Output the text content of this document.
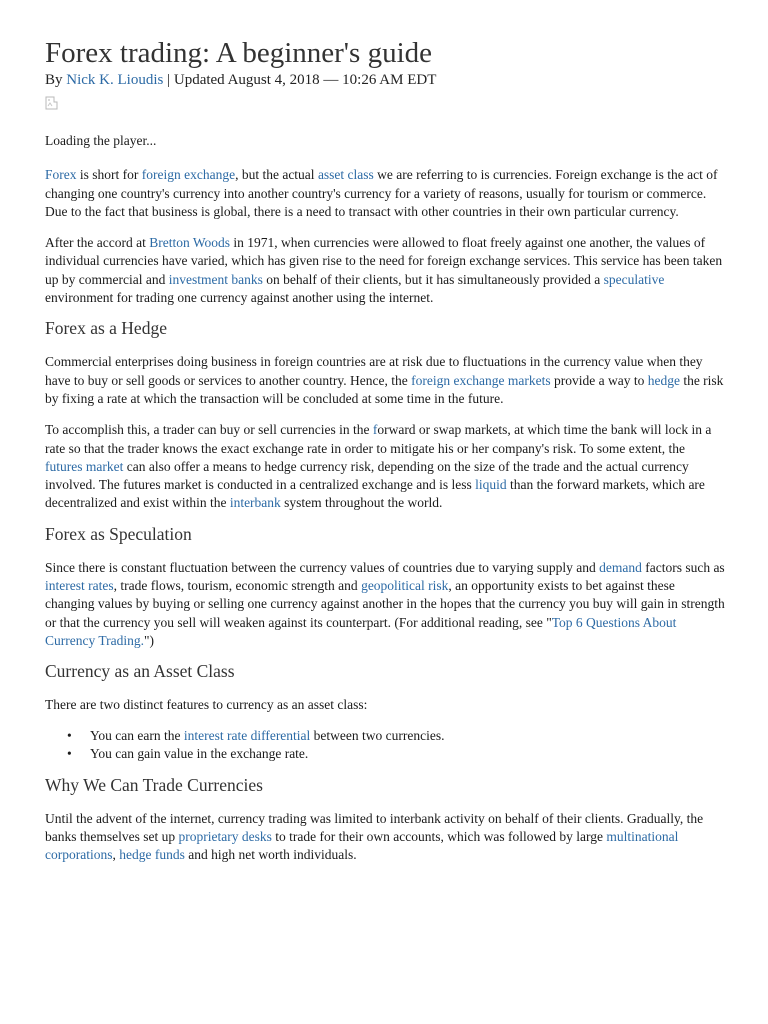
Forex trading: A beginner's guide

By Nick K. Lioudis | Updated August 4, 2018 — 10:26 AM EDT

Loading the player...

Forex is short for foreign exchange, but the actual asset class we are referring to is currencies. Foreign exchange is the act of changing one country's currency into another country's currency for a variety of reasons, usually for tourism or commerce. Due to the fact that business is global, there is a need to transact with other countries in their own particular currency.

After the accord at Bretton Woods in 1971, when currencies were allowed to float freely against one another, the values of individual currencies have varied, which has given rise to the need for foreign exchange services. This service has been taken up by commercial and investment banks on behalf of their clients, but it has simultaneously provided a speculative environment for trading one currency against another using the internet.

Forex as a Hedge

Commercial enterprises doing business in foreign countries are at risk due to fluctuations in the currency value when they have to buy or sell goods or services to another country. Hence, the foreign exchange markets provide a way to hedge the risk by fixing a rate at which the transaction will be concluded at some time in the future.

To accomplish this, a trader can buy or sell currencies in the forward or swap markets, at which time the bank will lock in a rate so that the trader knows the exact exchange rate in order to mitigate his or her company's risk. To some extent, the futures market can also offer a means to hedge currency risk, depending on the size of the trade and the actual currency involved. The futures market is conducted in a centralized exchange and is less liquid than the forward markets, which are decentralized and exist within the interbank system throughout the world.

Forex as Speculation

Since there is constant fluctuation between the currency values of countries due to varying supply and demand factors such as interest rates, trade flows, tourism, economic strength and geopolitical risk, an opportunity exists to bet against these changing values by buying or selling one currency against another in the hopes that the currency you buy will gain in strength or that the currency you sell will weaken against its counterpart. (For additional reading, see "Top 6 Questions About Currency Trading.")

Currency as an Asset Class

There are two distinct features to currency as an asset class:

• You can earn the interest rate differential between two currencies.
• You can gain value in the exchange rate.
Why We Can Trade Currencies

Until the advent of the internet, currency trading was limited to interbank activity on behalf of their clients. Gradually, the banks themselves set up proprietary desks to trade for their own accounts, which was followed by large multinational corporations, hedge funds and high net worth individuals.
